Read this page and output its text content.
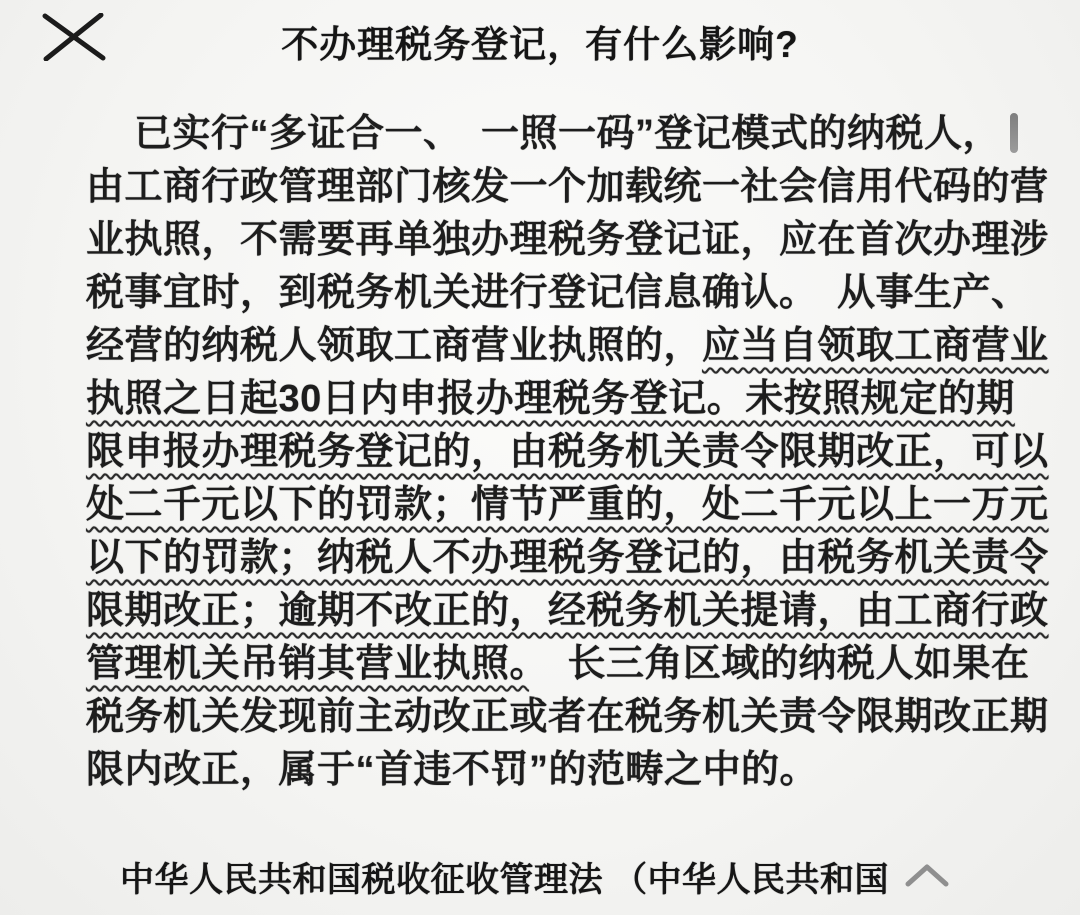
不办理税务登记，有什么影响?
已实行“多证合一、　一照一码”登记模式的纳税人，
由工商行政管理部门核发一个加载统一社会信用代码的营
业执照，不需要再单独办理税务登记证，应在首次办理涉
税事宜时，到税务机关进行登记信息确认。　从事生产、
经营的纳税人领取工商营业执照的，应当自领取工商营业
执照之日起30日内申报办理税务登记。未按照规定的期
限申报办理税务登记的，由税务机关责令限期改正，可以
处二千元以下的罚款；情节严重的，处二千元以上一万元
以下的罚款；纳税人不办理税务登记的，由税务机关责令
限期改正；逾期不改正的，经税务机关提请，由工商行政
管理机关吊销其营业执照。　长三角区域的纳税人如果在
税务机关发现前主动改正或者在税务机关责令限期改正期
限内改正，属于“首违不罚”的范畴之中的。
中华人民共和国税收征收管理法 （中华人民共和国
